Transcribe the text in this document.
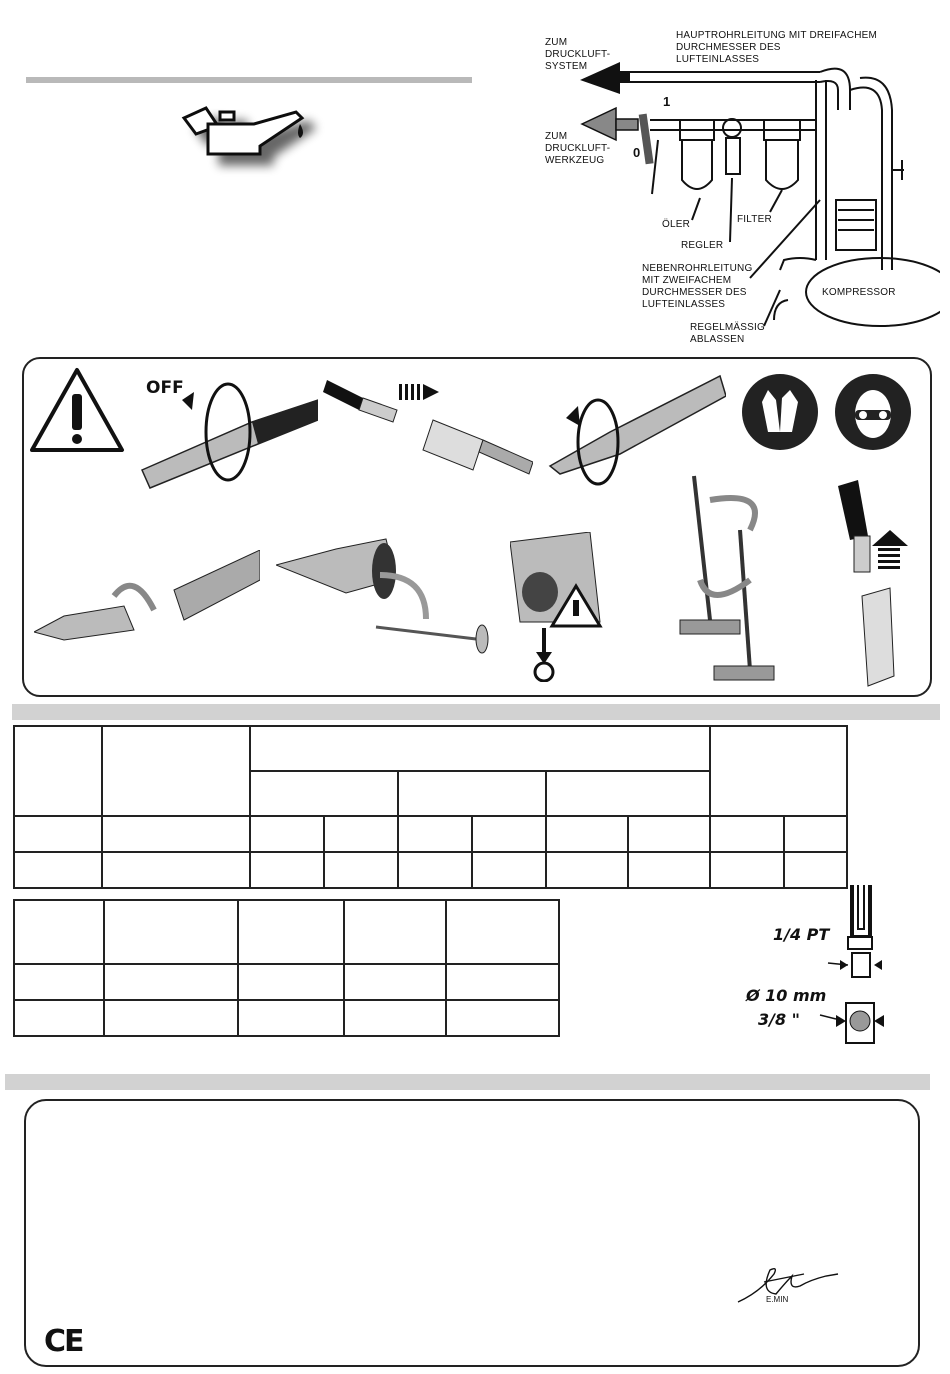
ZUM
DRUCKLUFT-
SYSTEM
ZUM
DRUCKLUFT-
WERKZEUG
HAUPTROHRLEITUNG MIT DREIFACHEM
DURCHMESSER DES
LUFTEINLASSES
ÖLER
REGLER
FILTER
NEBENROHRLEITUNG
MIT ZWEIFACHEM
DURCHMESSER DES
LUFTEINLASSES
KOMPRESSOR
REGELMÄSSIG
ABLASSEN
1
0
OFF

1/4 PT
Ø 10 mm
3/8 "
E.MIN
CE
